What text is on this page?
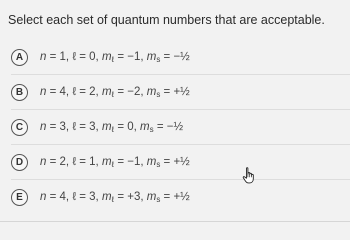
Select each set of quantum numbers that are acceptable.
A	n = 1, ℓ = 0, $m_\ell = -1$, $m_s$ = −½
B	n = 4, ℓ = 2, $m_\ell = -2$, $m_s$ = +½
C	n = 3, ℓ = 3, $m_\ell = 0$, $m_s$ = −½
D	n = 2, ℓ = 1, $m_\ell = -1$, $m_s$ = +½
E	n = 4, ℓ = 3, $m_\ell = +3$, $m_s$ = +½
